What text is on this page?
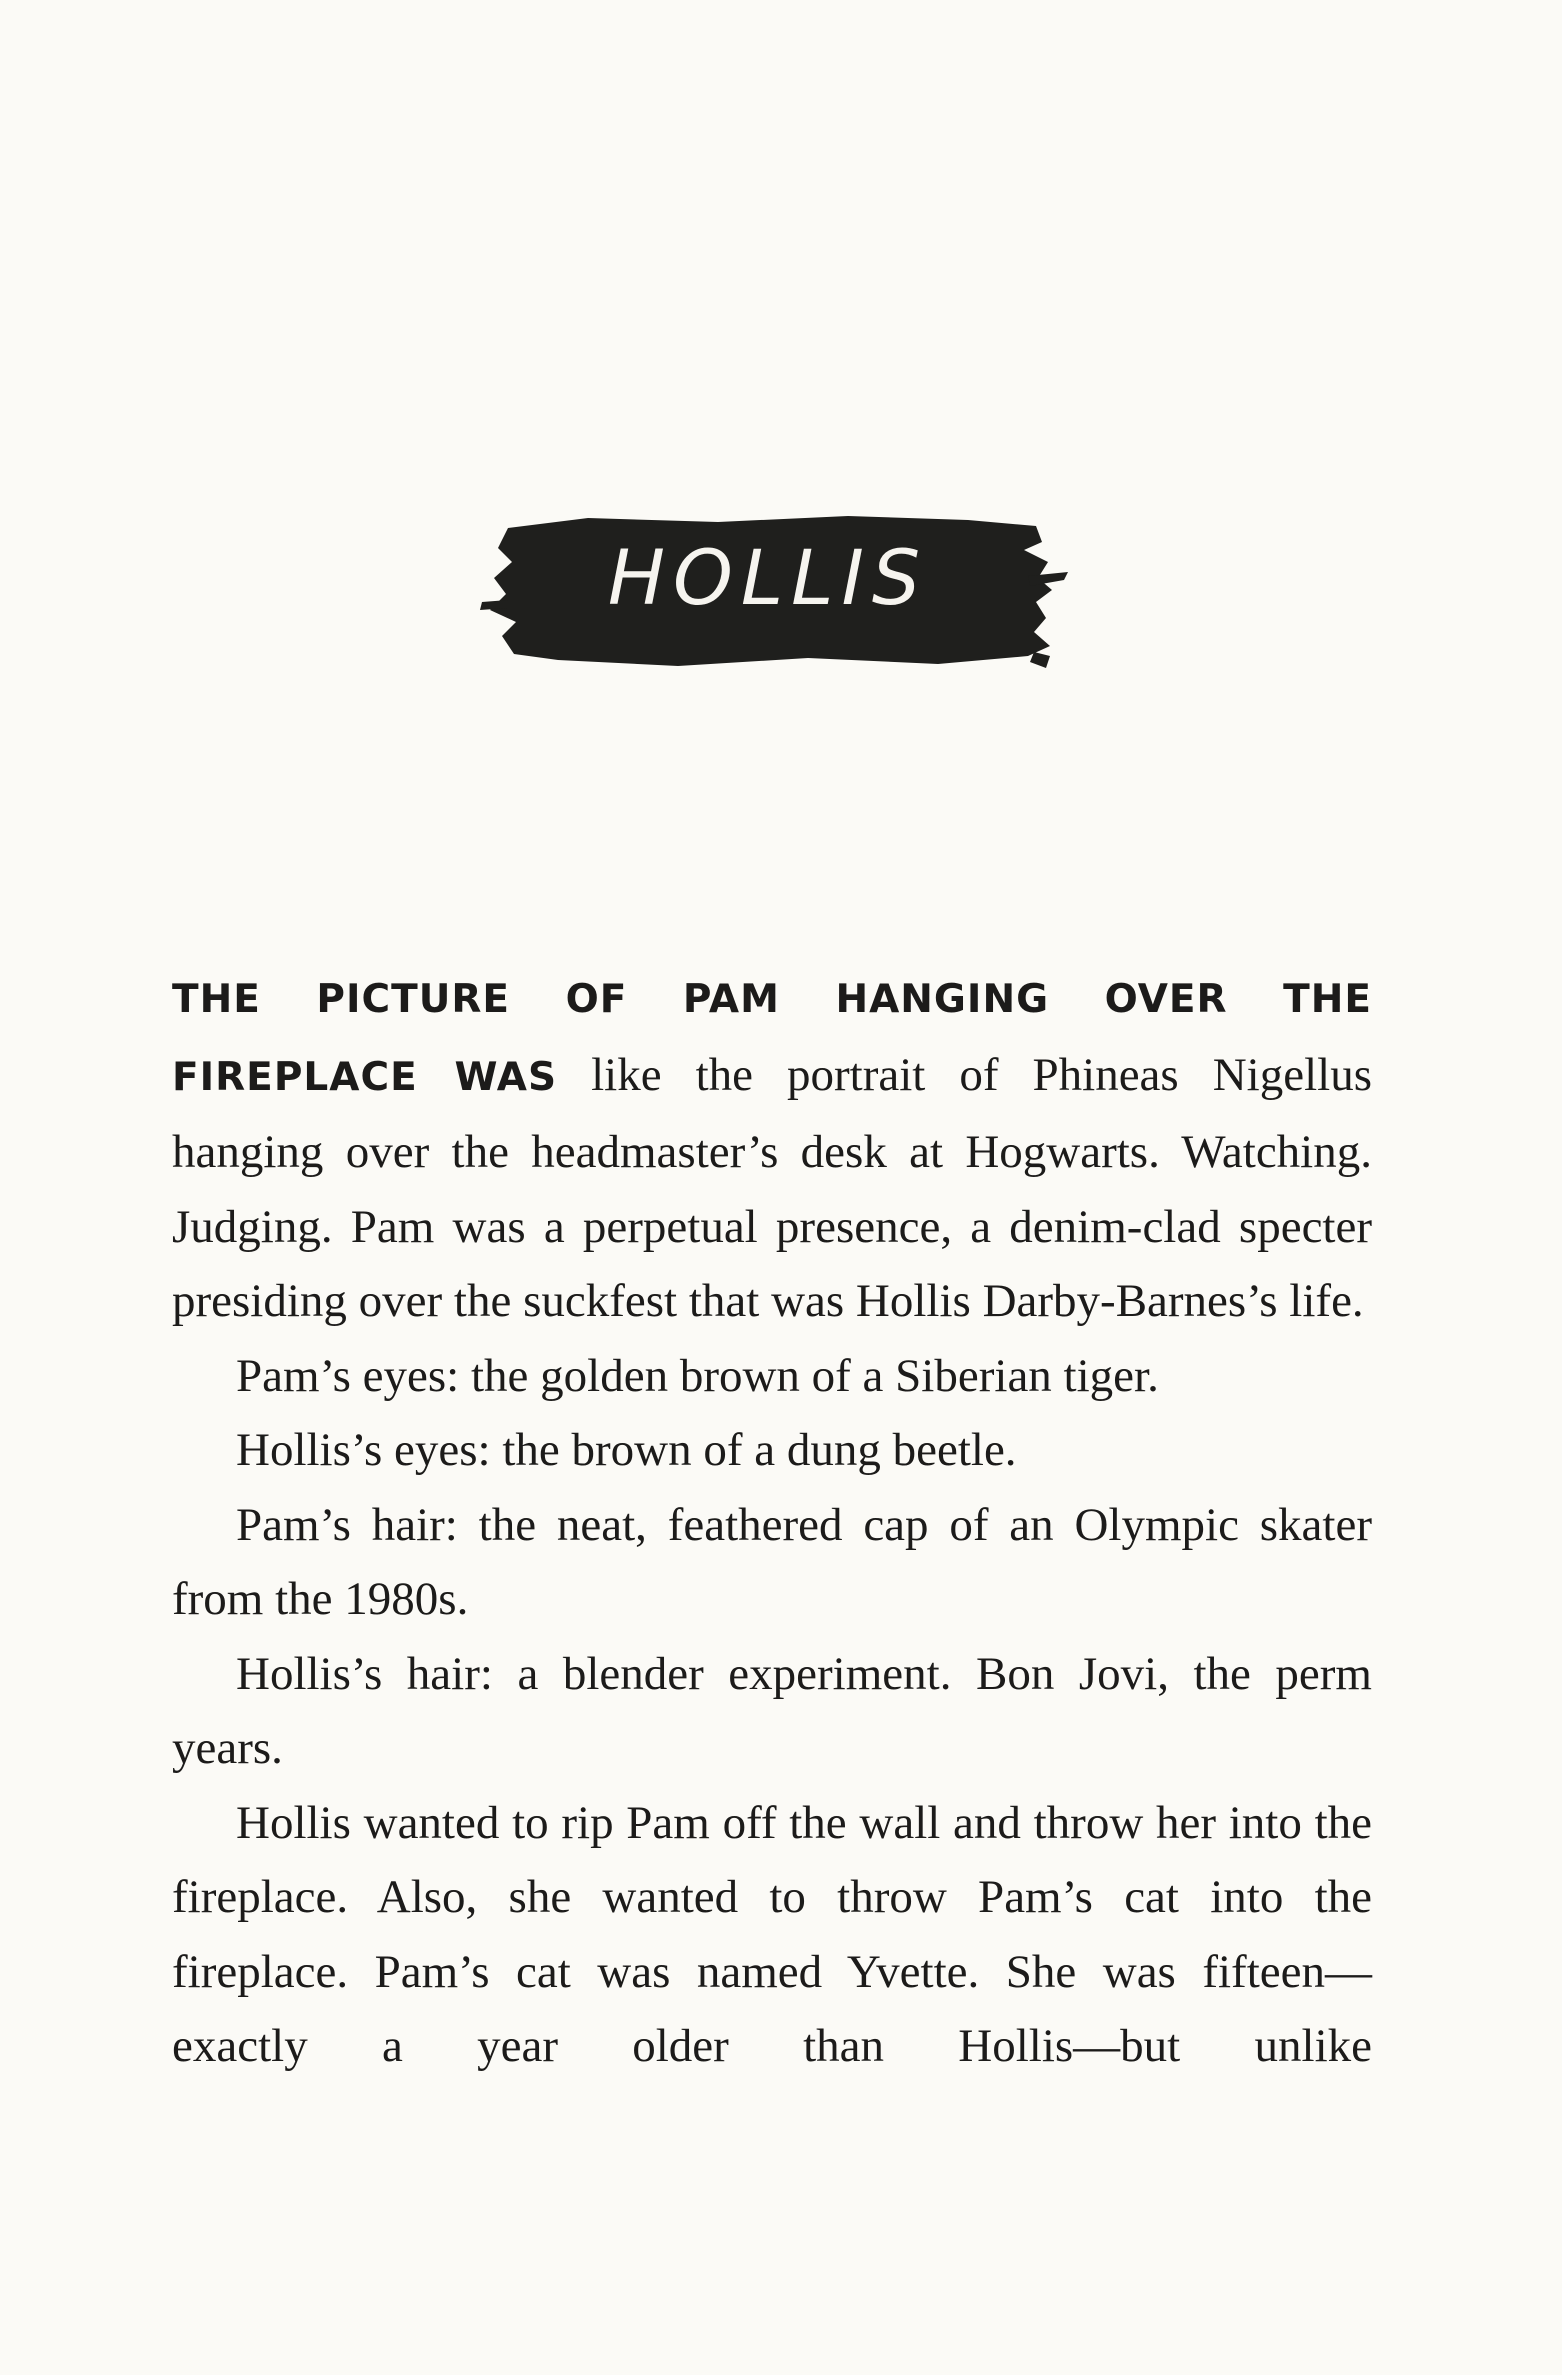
HOLLIS

THE PICTURE OF PAM HANGING OVER THE FIREPLACE WAS like the portrait of Phineas Nigellus hanging over the headmaster’s desk at Hogwarts. Watching. Judging. Pam was a perpetual presence, a denim-clad specter presiding over the suckfest that was Hollis Darby-Barnes’s life.

Pam’s eyes: the golden brown of a Siberian tiger.

Hollis’s eyes: the brown of a dung beetle.

Pam’s hair: the neat, feathered cap of an Olympic skater from the 1980s.

Hollis’s hair: a blender experiment. Bon Jovi, the perm years.

Hollis wanted to rip Pam off the wall and throw her into the fireplace. Also, she wanted to throw Pam’s cat into the fireplace. Pam’s cat was named Yvette. She was fifteen—exactly a year older than Hollis—but unlike
